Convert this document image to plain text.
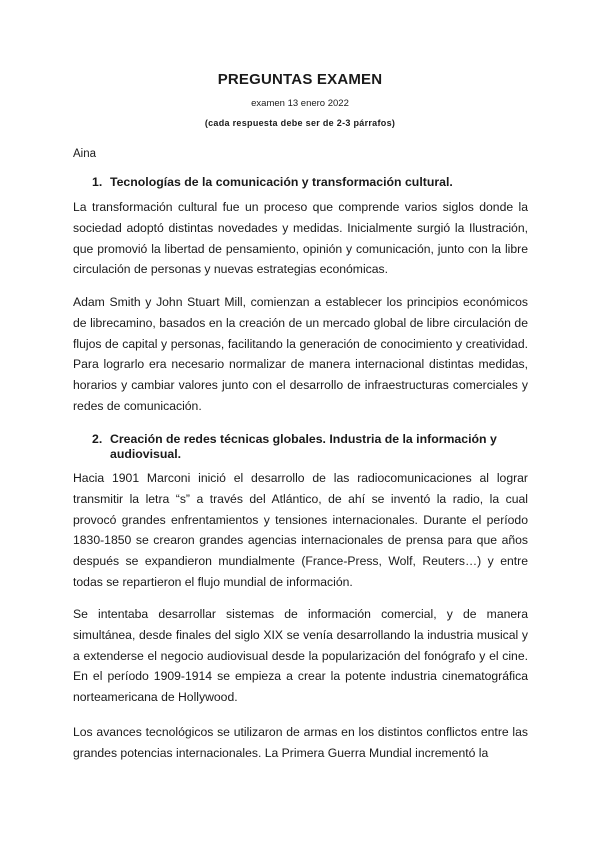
PREGUNTAS EXAMEN
examen 13 enero 2022
(cada respuesta debe ser de 2-3 párrafos)
Aina
1. Tecnologías de la comunicación y transformación cultural.

La transformación cultural fue un proceso que comprende varios siglos donde la sociedad adoptó distintas novedades y medidas. Inicialmente surgió la Ilustración, que promovió la libertad de pensamiento, opinión y comunicación, junto con la libre circulación de personas y nuevas estrategias económicas.

Adam Smith y John Stuart Mill, comienzan a establecer los principios económicos de librecamino, basados en la creación de un mercado global de libre circulación de flujos de capital y personas, facilitando la generación de conocimiento y creatividad. Para lograrlo era necesario normalizar de manera internacional distintas medidas, horarios y cambiar valores junto con el desarrollo de infraestructuras comerciales y redes de comunicación.

2. Creación de redes técnicas globales. Industria de la información y
audiovisual.

Hacia 1901 Marconi inició el desarrollo de las radiocomunicaciones al lograr transmitir la letra “s” a través del Atlántico, de ahí se inventó la radio, la cual provocó grandes enfrentamientos y tensiones internacionales. Durante el período 1830-1850 se crearon grandes agencias internacionales de prensa para que años después se expandieron mundialmente (France-Press, Wolf, Reuters…) y entre todas se repartieron el flujo mundial de información.

Se intentaba desarrollar sistemas de información comercial, y de manera simultánea, desde finales del siglo XIX se venía desarrollando la industria musical y a extenderse el negocio audiovisual desde la popularización del fonógrafo y el cine. En el período 1909-1914 se empieza a crear la potente industria cinematográfica norteamericana de Hollywood.

Los avances tecnológicos se utilizaron de armas en los distintos conflictos entre las grandes potencias internacionales. La Primera Guerra Mundial incrementó la
